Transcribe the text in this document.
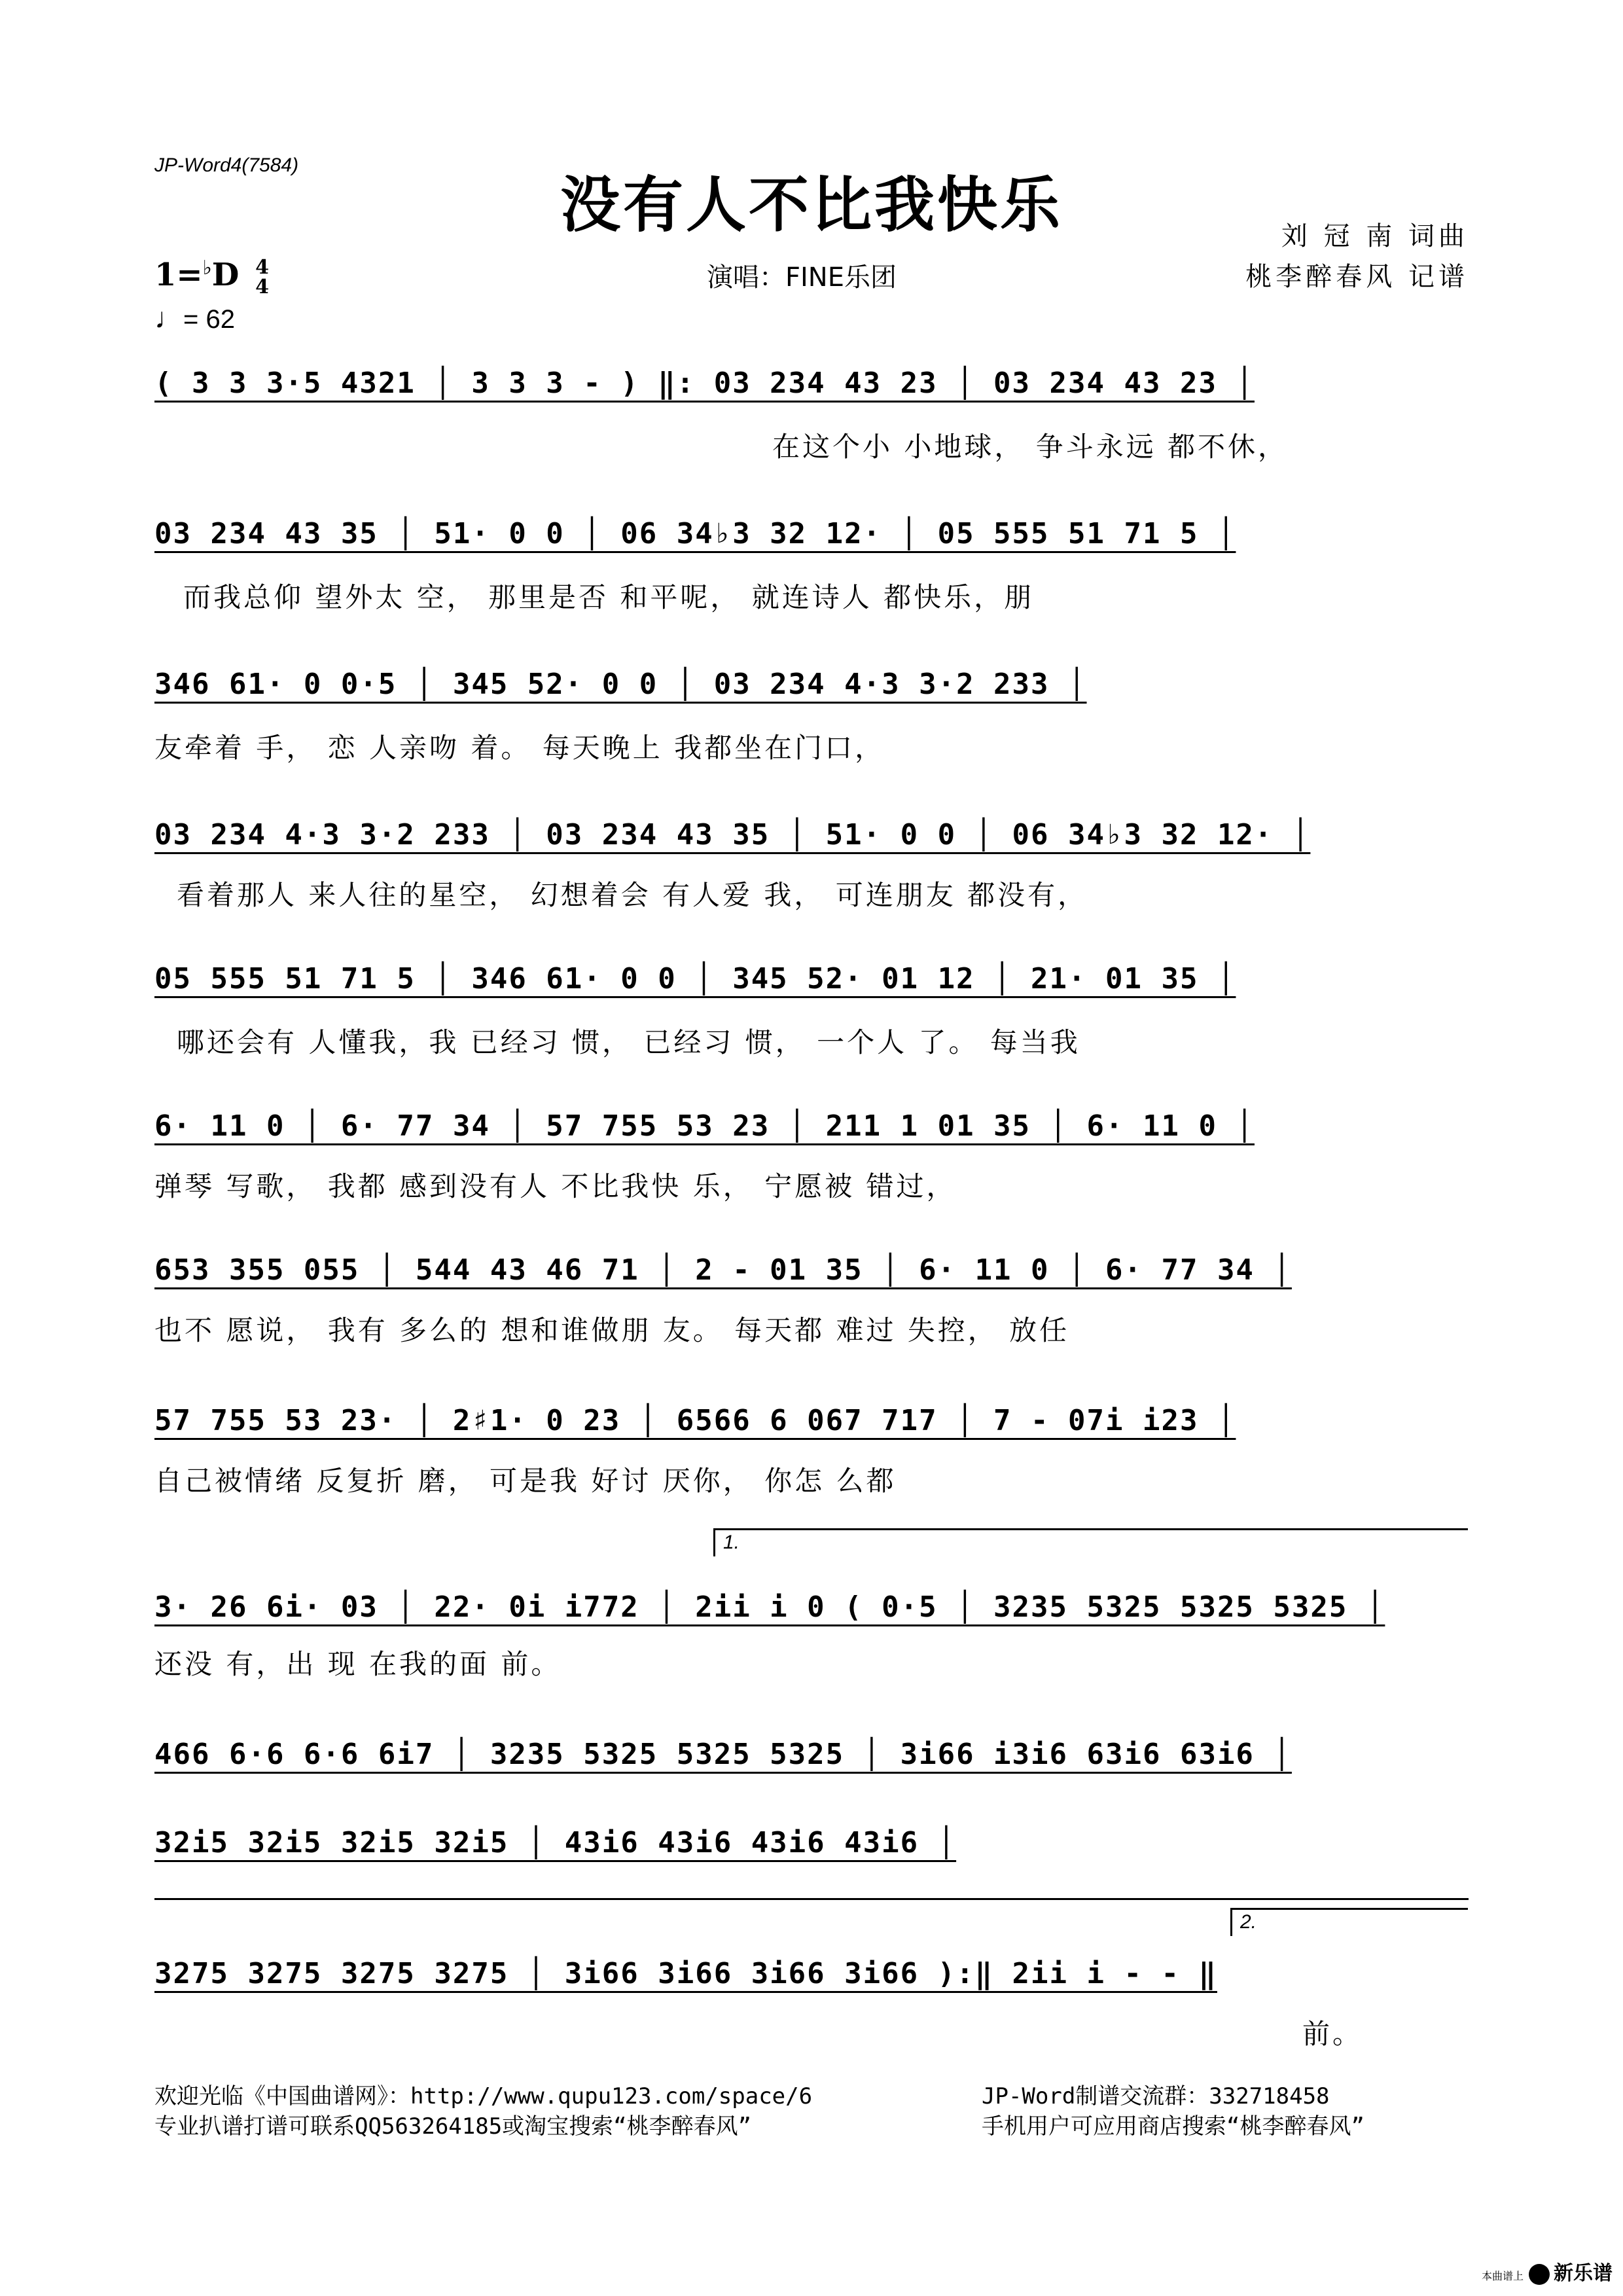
JP-Word4(7584)
没有人不比我快乐	刘 冠 南 词曲
桃李醉春风 记谱
演唱：FINE乐团
1=♭D 4
4
♩= 62
( 3 3 3·5 4321 │ 3 3 3 - ) ‖: 03 234 43 23 │ 03 234 43 23 │
在这个小 小地球， 争斗永远 都不休，
03 234 43 35 │ 51· 0 0 │ 06 34♭3 32 12· │ 05 555 51 71 5 │
而我总仰 望外太 空， 那里是否 和平呢， 就连诗人 都快乐，朋
346 61· 0 0·5 │ 345 52· 0 0 │ 03 234 4·3 3·2 233 │
友牵着 手， 恋 人亲吻 着。 每天晚上 我都坐在门口，
03 234 4·3 3·2 233 │ 03 234 43 35 │ 51· 0 0 │ 06 34♭3 32 12· │
看着那人 来人往的星空， 幻想着会 有人爱 我， 可连朋友 都没有，
05 555 51 71 5 │ 346 61· 0 0 │ 345 52· 01 12 │ 21· 01 35 │
哪还会有 人懂我，我 已经习 惯， 已经习 惯， 一个人 了。 每当我
6· 11 0 │ 6· 77 34 │ 57 755 53 23 │ 211 1 01 35 │ 6· 11 0 │
弹琴 写歌， 我都 感到没有人 不比我快 乐， 宁愿被 错过，
653 355 055 │ 544 43 46 71 │ 2 - 01 35 │ 6· 11 0 │ 6· 77 34 │
也不 愿说， 我有 多么的 想和谁做朋 友。 每天都 难过 失控， 放任
57 755 53 23· │ 2♯1· 0 23 │ 6566 6 067 717 │ 7 - 07i i23 │
自己被情绪 反复折 磨， 可是我 好讨 厌你， 你怎 么都
1.
3· 26 6i· 03 │ 22· 0i i772 │ 2ii i 0 ( 0·5 │ 3235 5325 5325 5325 │
还没 有，出 现 在我的面 前。
466 6·6 6·6 6i7 │ 3235 5325 5325 5325 │ 3i66 i3i6 63i6 63i6 │
32i5 32i5 32i5 32i5 │ 43i6 43i6 43i6 43i6 │
2.
3275 3275 3275 3275 │ 3i66 3i66 3i66 3i66 ):‖ 2ii i - - ‖
前。
欢迎光临《中国曲谱网》：http://www.qupu123.com/space/6
专业扒谱打谱可联系QQ563264185或淘宝搜索“桃李醉春风”
JP-Word制谱交流群：332718458
手机用户可应用商店搜索“桃李醉春风”
本曲谱上 新乐谱
